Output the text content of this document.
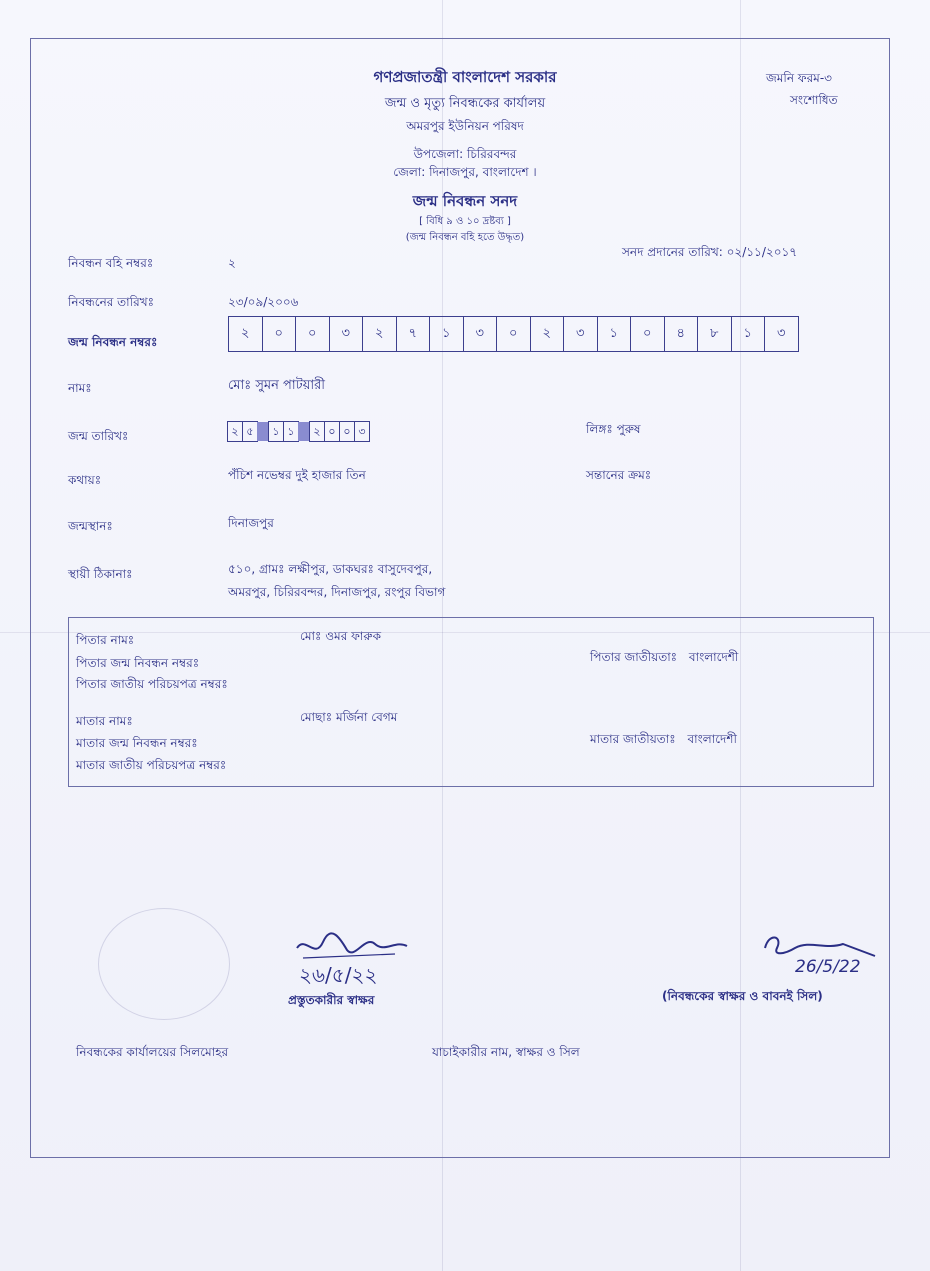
গণপ্রজাতন্ত্রী বাংলাদেশ সরকার
জন্ম ও মৃত্যু নিবন্ধকের কার্যালয়
অমরপুর ইউনিয়ন পরিষদ
উপজেলা: চিরিরবন্দর
জেলা: দিনাজপুর, বাংলাদেশ ।
জন্ম নিবন্ধন সনদ
[ বিধি ৯ ও ১০ দ্রষ্টব্য ]
(জন্ম নিবন্ধন বহি হতে উদ্ধৃত)
জমনি ফরম-৩
সংশোধিত
সনদ প্রদানের তারিখ: ০২/১১/২০১৭
নিবন্ধন বহি নম্বরঃ	২
নিবন্ধনের তারিখঃ	২৩/০৯/২০০৬
জন্ম নিবন্ধন নম্বরঃ
২	০	০	৩	২	৭	১	৩	০	২	৩	১	০	৪	৮	১	৩
নামঃ	মোঃ সুমন পাটয়ারী
জন্ম তারিখঃ	২ ৫	১ ১	২ ০ ০ ৩	লিঙ্গঃ পুরুষ
কথায়ঃ	পঁচিশ নভেম্বর দুই হাজার তিন	সন্তানের ক্রমঃ
জন্মস্থানঃ	দিনাজপুর
স্থায়ী ঠিকানাঃ	৫১০, গ্রামঃ লক্ষীপুর, ডাকঘরঃ বাসুদেবপুর,
অমরপুর, চিরিরবন্দর, দিনাজপুর, রংপুর বিভাগ
পিতার নামঃ	মোঃ ওমর ফারুক
পিতার জন্ম নিবন্ধন নম্বরঃ
পিতার জাতীয় পরিচয়পত্র নম্বরঃ
পিতার জাতীয়তাঃ বাংলাদেশী
মাতার নামঃ	মোছাঃ মর্জিনা বেগম
মাতার জন্ম নিবন্ধন নম্বরঃ
মাতার জাতীয় পরিচয়পত্র নম্বরঃ
মাতার জাতীয়তাঃ বাংলাদেশী
২৬/৫/২২
প্রস্তুতকারীর স্বাক্ষর
26/5/22
(নিবন্ধকের স্বাক্ষর ও বাবনই সিল)
নিবন্ধকের কার্যালয়ের সিলমোহর	যাচাইকারীর নাম, স্বাক্ষর ও সিল
